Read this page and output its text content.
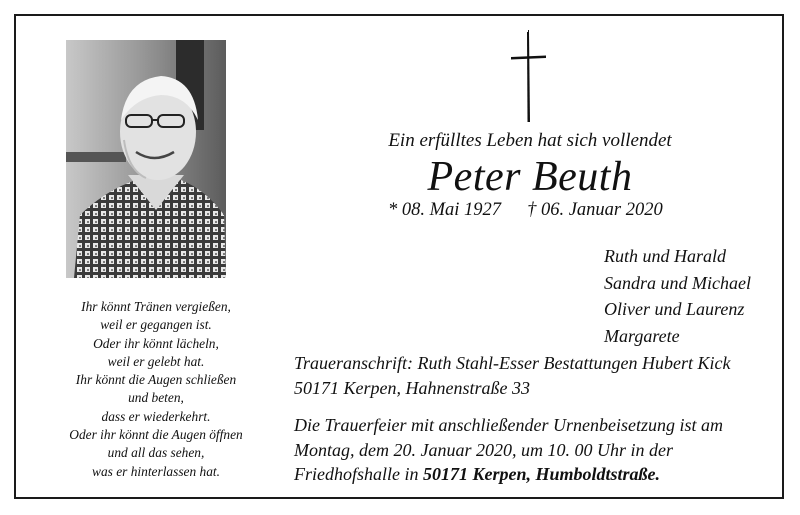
Ihr könnt Tränen vergießen,
weil er gegangen ist.
Oder ihr könnt lächeln,
weil er gelebt hat.
Ihr könnt die Augen schließen
und beten,
dass er wiederkehrt.
Oder ihr könnt die Augen öffnen
und all das sehen,
was er hinterlassen hat.
Ein erfülltes Leben hat sich vollendet
Peter Beuth
* 08. Mai 1927 † 06. Januar 2020
Ruth und Harald
Sandra und Michael
Oliver und Laurenz
Margarete
Traueranschrift: Ruth Stahl-Esser Bestattungen Hubert Kick
50171 Kerpen, Hahnenstraße 33
Die Trauerfeier mit anschließender Urnenbeisetzung ist am
Montag, dem 20. Januar 2020, um 10. 00 Uhr in der
Friedhofshalle in 50171 Kerpen, Humboldtstraße.
